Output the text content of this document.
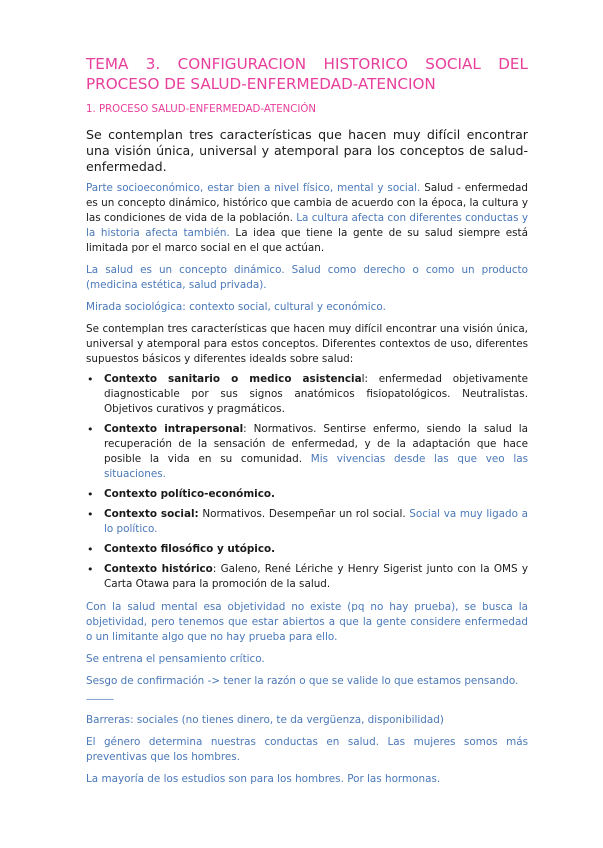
TEMA 3. CONFIGURACION HISTORICO SOCIAL DEL
PROCESO DE SALUD-ENFERMEDAD-ATENCION
1. PROCESO SALUD-ENFERMEDAD-ATENCIÓN

Se contemplan tres características que hacen muy difícil encontrar una visión única, universal y atemporal para los conceptos de salud-enfermedad.

Parte socioeconómico, estar bien a nivel físico, mental y social. Salud - enfermedad es un concepto dinámico, histórico que cambia de acuerdo con la época, la cultura y las condiciones de vida de la población. La cultura afecta con diferentes conductas y la historia afecta también. La idea que tiene la gente de su salud siempre está limitada por el marco social en el que actúan.

La salud es un concepto dinámico. Salud como derecho o como un producto (medicina estética, salud privada).

Mirada sociológica: contexto social, cultural y económico.

Se contemplan tres características que hacen muy difícil encontrar una visión única, universal y atemporal para estos conceptos. Diferentes contextos de uso, diferentes supuestos básicos y diferentes idealds sobre salud:

• Contexto sanitario o medico asistencial: enfermedad objetivamente diagnosticable por sus signos anatómicos fisiopatológicos. Neutralistas. Objetivos curativos y pragmáticos.
• Contexto intrapersonal: Normativos. Sentirse enfermo, siendo la salud la recuperación de la sensación de enfermedad, y de la adaptación que hace posible la vida en su comunidad. Mis vivencias desde las que veo las situaciones.
• Contexto político-económico.
• Contexto social: Normativos. Desempeñar un rol social. Social va muy ligado a lo político.
• Contexto filosófico y utópico.
• Contexto histórico: Galeno, René Lériche y Henry Sigerist junto con la OMS y Carta Otawa para la promoción de la salud.

Con la salud mental esa objetividad no existe (pq no hay prueba), se busca la objetividad, pero tenemos que estar abiertos a que la gente considere enfermedad o un limitante algo que no hay prueba para ello.

Se entrena el pensamiento crítico.

Sesgo de confirmación -> tener la razón o que se valide lo que estamos pensando.

———

Barreras: sociales (no tienes dinero, te da vergüenza, disponibilidad)

El género determina nuestras conductas en salud. Las mujeres somos más preventivas que los hombres.

La mayoría de los estudios son para los hombres. Por las hormonas.
